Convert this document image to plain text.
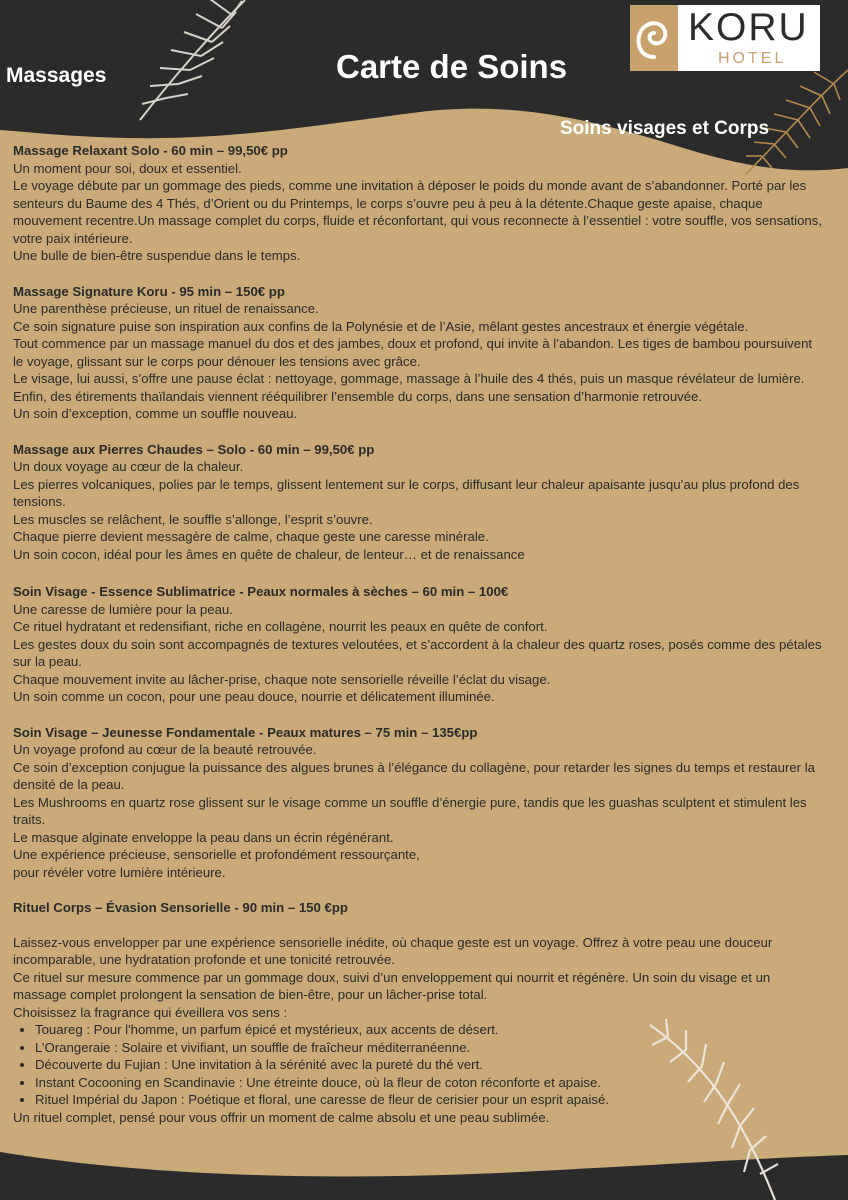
Massages	Carte de Soins
Soins visages et Corps
KORU
HOTEL
Massage Relaxant Solo - 60 min – 99,50€ pp

Un moment pour soi, doux et essentiel.

Le voyage débute par un gommage des pieds, comme une invitation à déposer le poids du monde avant de s’abandonner. Porté par les senteurs du Baume des 4 Thés, d’Orient ou du Printemps, le corps s’ouvre peu à peu à la détente.Chaque geste apaise, chaque mouvement recentre.Un massage complet du corps, fluide et réconfortant, qui vous reconnecte à l’essentiel : votre souffle, vos sensations, votre paix intérieure.

Une bulle de bien-être suspendue dans le temps.

Massage Signature Koru - 95 min – 150€ pp

Une parenthèse précieuse, un rituel de renaissance.

Ce soin signature puise son inspiration aux confins de la Polynésie et de l’Asie, mêlant gestes ancestraux et énergie végétale.

Tout commence par un massage manuel du dos et des jambes, doux et profond, qui invite à l’abandon. Les tiges de bambou poursuivent le voyage, glissant sur le corps pour dénouer les tensions avec grâce.

Le visage, lui aussi, s’offre une pause éclat : nettoyage, gommage, massage à l’huile des 4 thés, puis un masque révélateur de lumière.

Enfin, des étirements thaïlandais viennent rééquilibrer l’ensemble du corps, dans une sensation d’harmonie retrouvée.

Un soin d’exception, comme un souffle nouveau.

Massage aux Pierres Chaudes – Solo - 60 min – 99,50€ pp

Un doux voyage au cœur de la chaleur.

Les pierres volcaniques, polies par le temps, glissent lentement sur le corps, diffusant leur chaleur apaisante jusqu’au plus profond des tensions.

Les muscles se relâchent, le souffle s’allonge, l’esprit s’ouvre.

Chaque pierre devient messagère de calme, chaque geste une caresse minérale.

Un soin cocon, idéal pour les âmes en quête de chaleur, de lenteur… et de renaissance

Soin Visage - Essence Sublimatrice - Peaux normales à sèches – 60 min – 100€

Une caresse de lumière pour la peau.

Ce rituel hydratant et redensifiant, riche en collagène, nourrit les peaux en quête de confort.

Les gestes doux du soin sont accompagnés de textures veloutées, et s’accordent à la chaleur des quartz roses, posés comme des pétales sur la peau.

Chaque mouvement invite au lâcher-prise, chaque note sensorielle réveille l’éclat du visage.

Un soin comme un cocon, pour une peau douce, nourrie et délicatement illuminée.

Soin Visage – Jeunesse Fondamentale - Peaux matures – 75 min – 135€pp

Un voyage profond au cœur de la beauté retrouvée.

Ce soin d’exception conjugue la puissance des algues brunes à l’élégance du collagène, pour retarder les signes du temps et restaurer la densité de la peau.

Les Mushrooms en quartz rose glissent sur le visage comme un souffle d’énergie pure, tandis que les guashas sculptent et stimulent les traits.

Le masque alginate enveloppe la peau dans un écrin régénérant.

Une expérience précieuse, sensorielle et profondément ressourçante,

pour révéler votre lumière intérieure.

Rituel Corps – Évasion Sensorielle - 90 min – 150 €pp

Laissez-vous envelopper par une expérience sensorielle inédite, où chaque geste est un voyage. Offrez à votre peau une douceur incomparable, une hydratation profonde et une tonicité retrouvée.

Ce rituel sur mesure commence par un gommage doux, suivi d’un enveloppement qui nourrit et régénère. Un soin du visage et un massage complet prolongent la sensation de bien-être, pour un lâcher-prise total.

Choisissez la fragrance qui éveillera vos sens :

• Touareg : Pour l'homme, un parfum épicé et mystérieux, aux accents de désert.
• L’Orangeraie : Solaire et vivifiant, un souffle de fraîcheur méditerranéenne.
• Découverte du Fujian : Une invitation à la sérénité avec la pureté du thé vert.
• Instant Cocooning en Scandinavie : Une étreinte douce, où la fleur de coton réconforte et apaise.
• Rituel Impérial du Japon : Poétique et floral, une caresse de fleur de cerisier pour un esprit apaisé.

Un rituel complet, pensé pour vous offrir un moment de calme absolu et une peau sublimée.
